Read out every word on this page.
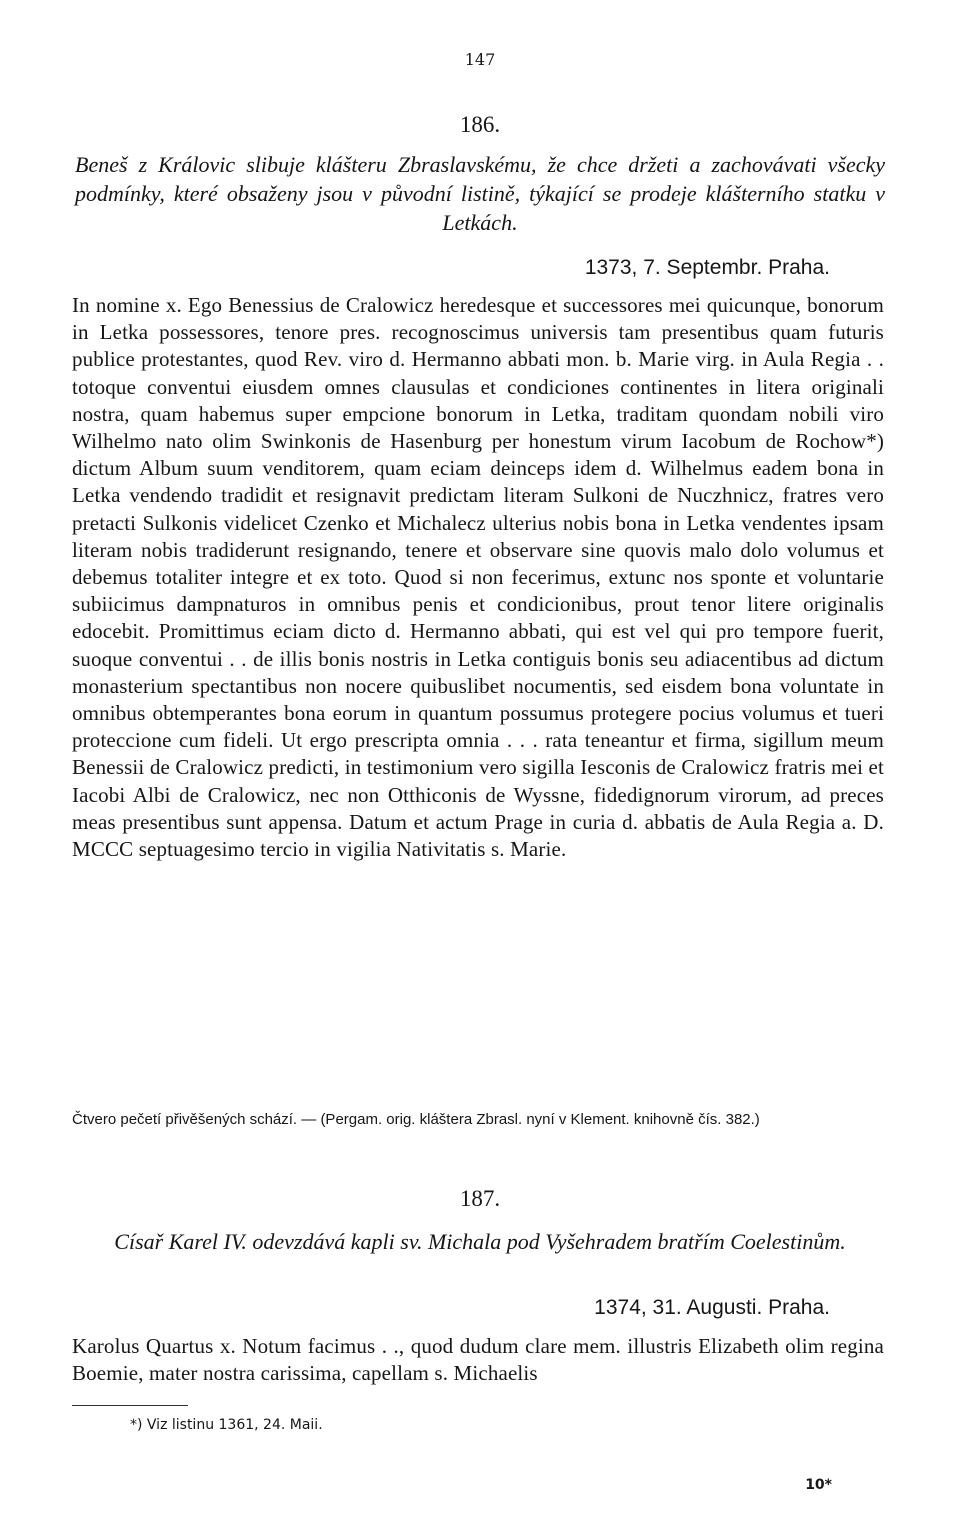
147
186.

Beneš z Královic slibuje klášteru Zbraslavskému, že chce držeti a zachovávati všecky podmínky, které obsaženy jsou v původní listině, týkající se prodeje klášterního statku v Letkách.

1373, 7. Septembr. Praha.

In nomine x. Ego Benessius de Cralowicz heredesque et successores mei quicunque, bonorum in Letka possessores, tenore pres. recognoscimus universis tam presentibus quam futuris publice protestantes, quod Rev. viro d. Hermanno abbati mon. b. Marie virg. in Aula Regia . . totoque conventui eiusdem omnes clausulas et condiciones continentes in litera originali nostra, quam habemus super empcione bonorum in Letka, traditam quondam nobili viro Wilhelmo nato olim Swinkonis de Hasenburg per honestum virum Iacobum de Rochow*) dictum Album suum venditorem, quam eciam deinceps idem d. Wilhelmus eadem bona in Letka vendendo tradidit et resignavit predictam literam Sulkoni de Nuczhnicz, fratres vero pretacti Sulkonis videlicet Czenko et Michalecz ulterius nobis bona in Letka vendentes ipsam literam nobis tradiderunt resignando, tenere et observare sine quovis malo dolo volumus et debemus totaliter integre et ex toto. Quod si non fecerimus, extunc nos sponte et voluntarie subiicimus dampnaturos in omnibus penis et condicionibus, prout tenor litere originalis edocebit. Promittimus eciam dicto d. Hermanno abbati, qui est vel qui pro tempore fuerit, suoque conventui . . de illis bonis nostris in Letka contiguis bonis seu adiacentibus ad dictum monasterium spectantibus non nocere quibuslibet nocumentis, sed eisdem bona voluntate in omnibus obtemperantes bona eorum in quantum possumus protegere pocius volumus et tueri proteccione cum fideli. Ut ergo prescripta omnia . . . rata teneantur et firma, sigillum meum Benessii de Cralowicz predicti, in testimonium vero sigilla Iesconis de Cralowicz fratris mei et Iacobi Albi de Cralowicz, nec non Otthiconis de Wyssne, fidedignorum virorum, ad preces meas presentibus sunt appensa. Datum et actum Prage in curia d. abbatis de Aula Regia a. D. MCCC septuagesimo tercio in vigilia Nativitatis s. Marie.

Čtvero pečetí přivěšených schází. — (Pergam. orig. kláštera Zbrasl. nyní v Klement. knihovně čís. 382.)

187.

Císař Karel IV. odevzdává kapli sv. Michala pod Vyšehradem bratřím Coelestinům.

1374, 31. Augusti. Praha.

Karolus Quartus x. Notum facimus . ., quod dudum clare mem. illustris Elizabeth olim regina Boemie, mater nostra carissima, capellam s. Michaelis

*) Viz listinu 1361, 24. Maii.
10*
